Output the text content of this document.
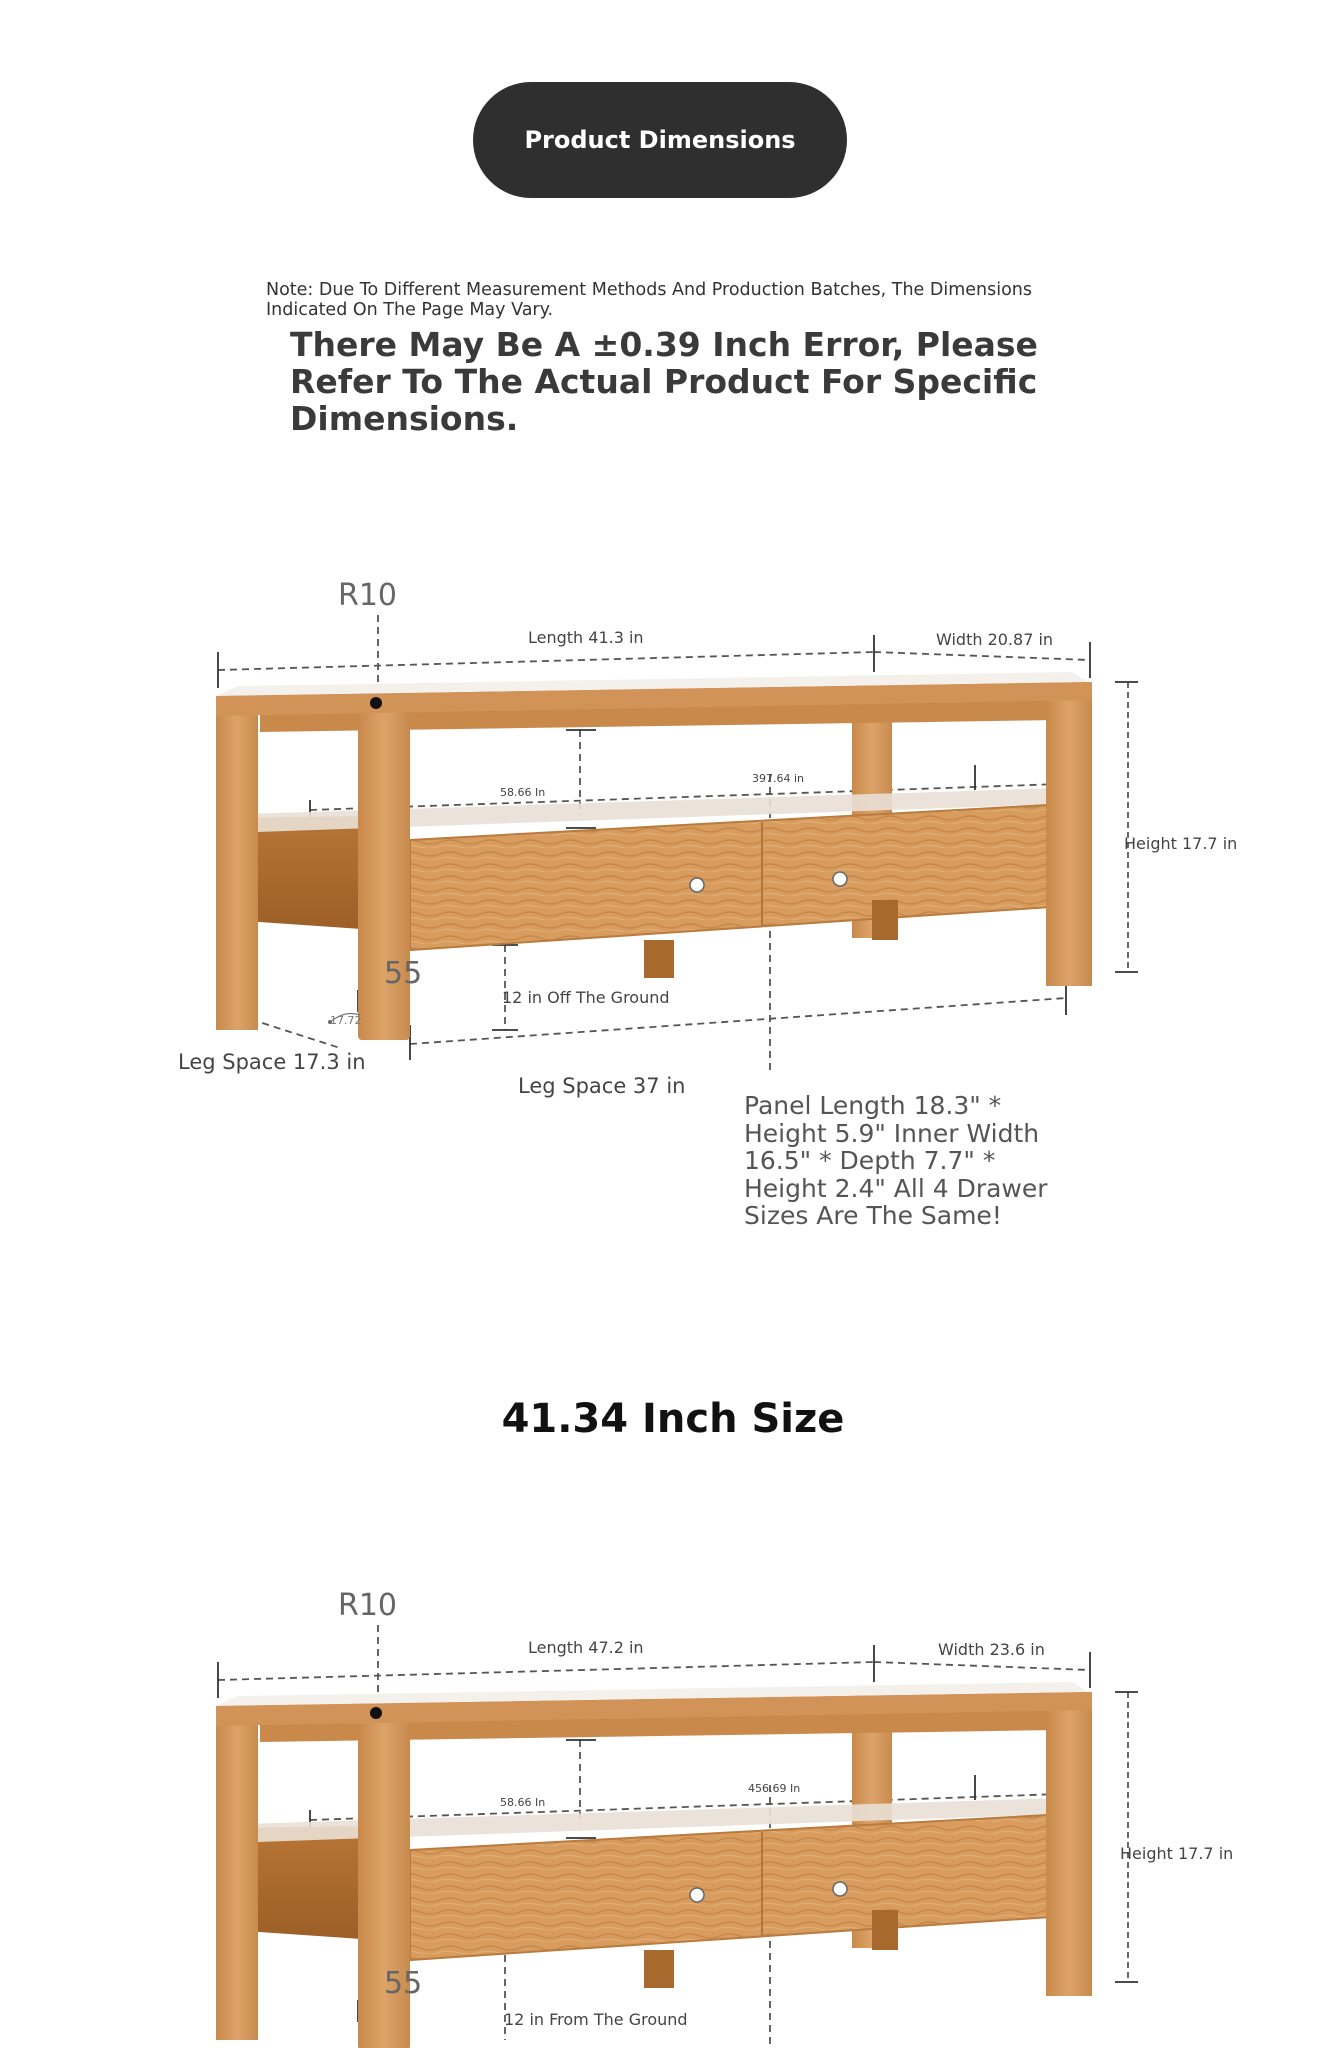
Product Dimensions
Note: Due To Different Measurement Methods And Production Batches, The Dimensions Indicated On The Page May Vary.
There May Be A ±0.39 Inch Error, Please Refer To The Actual Product For Specific Dimensions.
R10
Length 41.3 in	Width 20.87 in
Height 17.7 in
58.66 In
397.64 in
55
17.72
12 in Off The Ground
Leg Space 17.3 in
Leg Space 37 in
Panel Length 18.3" * Height 5.9" Inner Width 16.5" * Depth 7.7" * Height 2.4" All 4 Drawer Sizes Are The Same!
41.34 Inch Size
R10
Length 47.2 in	Width 23.6 in
Height 17.7 in
58.66 In
456.69 In
55
12 in From The Ground
